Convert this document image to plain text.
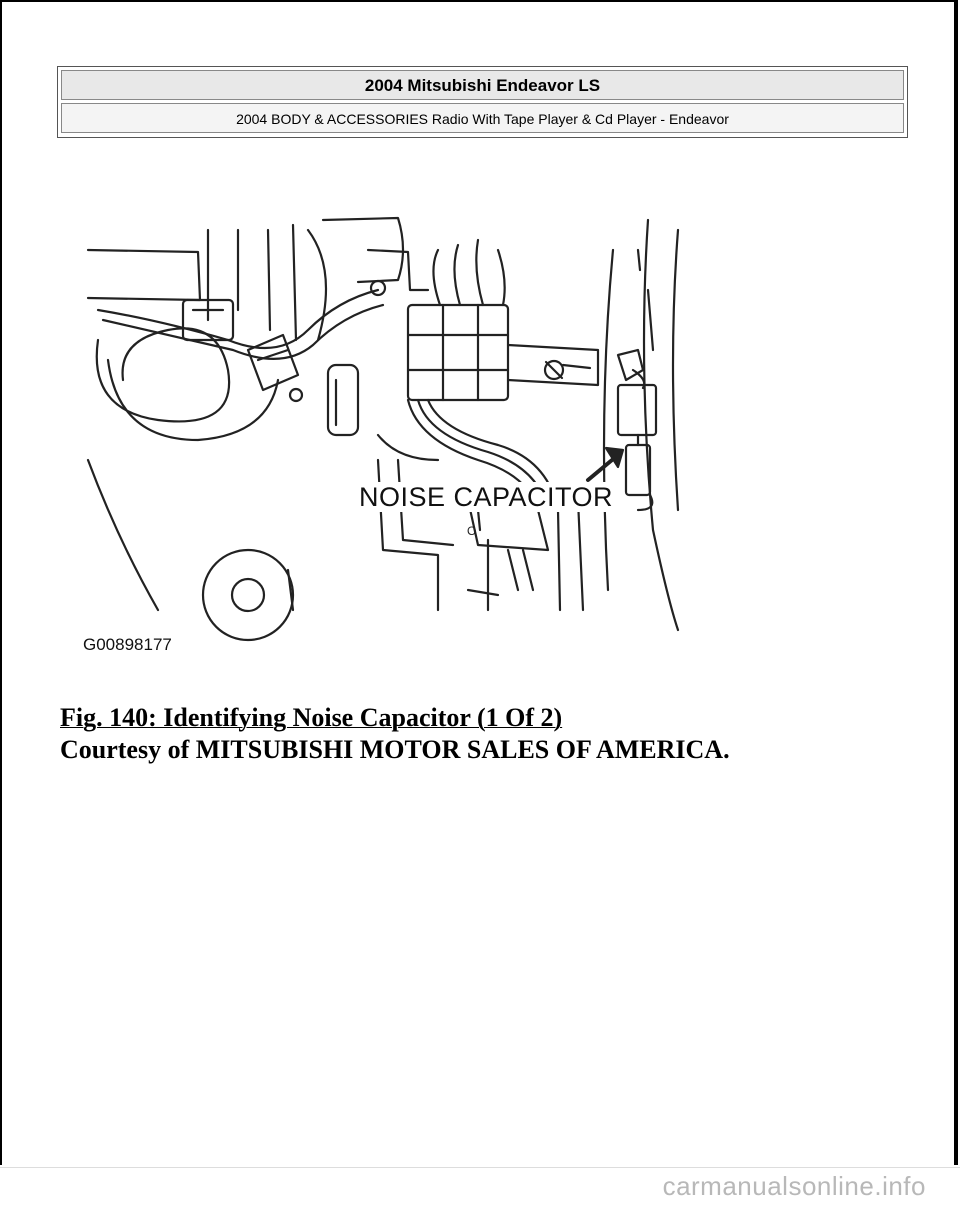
2004 Mitsubishi Endeavor LS
2004 BODY & ACCESSORIES Radio With Tape Player & Cd Player - Endeavor
O
NOISE CAPACITOR
G00898177
Fig. 140: Identifying Noise Capacitor (1 Of 2)
Courtesy of MITSUBISHI MOTOR SALES OF AMERICA.
carmanualsonline.info
